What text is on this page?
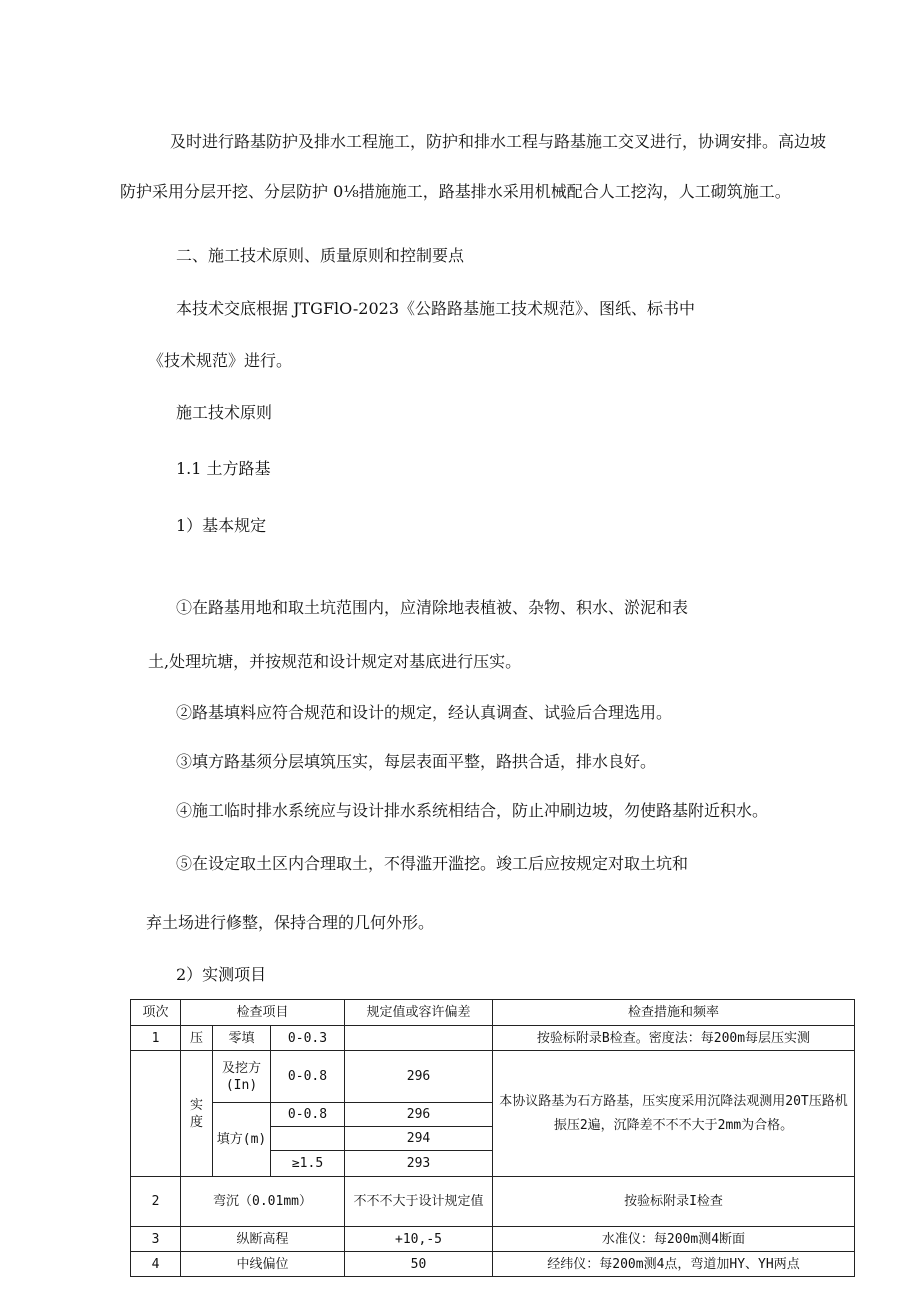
及时进行路基防护及排水工程施工，防护和排水工程与路基施工交叉进行，协调安排。高边坡
防护采用分层开挖、分层防护 0⅛措施施工，路基排水采用机械配合人工挖沟，人工砌筑施工。
二、施工技术原则、质量原则和控制要点
本技术交底根据 JTGFlO-2023《公路路基施工技术规范》、图纸、标书中
《技术规范》进行。
施工技术原则
1.1 土方路基
1）基本规定
①在路基用地和取土坑范围内，应清除地表植被、杂物、积水、淤泥和表
土,处理坑塘，并按规范和设计规定对基底进行压实。
②路基填料应符合规范和设计的规定，经认真调查、试验后合理选用。
③填方路基须分层填筑压实，每层表面平整，路拱合适，排水良好。
④施工临时排水系统应与设计排水系统相结合，防止冲刷边坡，勿使路基附近积水。
⑤在设定取土区内合理取土，不得滥开滥挖。竣工后应按规定对取土坑和
弃土场进行修整，保持合理的几何外形。
2）实测项目
项次	检查项目			规定值或容许偏差	检查措施和频率
1	压	零填	0-0.3		按验标附录B检查。密度法：每200m每层压实测
	实度	及挖方(In)	0-0.8	296	本协议路基为石方路基，压实度采用沉降法观测用20T压路机振压2遍，沉降差不不不大于2mm为合格。
		填方(m)	0-0.8	296	
				294	
			≥1.5	293	
2	弯沉（0.01mm）			不不不大于设计规定值	按验标附录I检查
3	纵断高程			+10,-5	水准仪：每200m测4断面
4	中线偏位			50	经纬仪：每200m测4点，弯道加HY、YH两点
